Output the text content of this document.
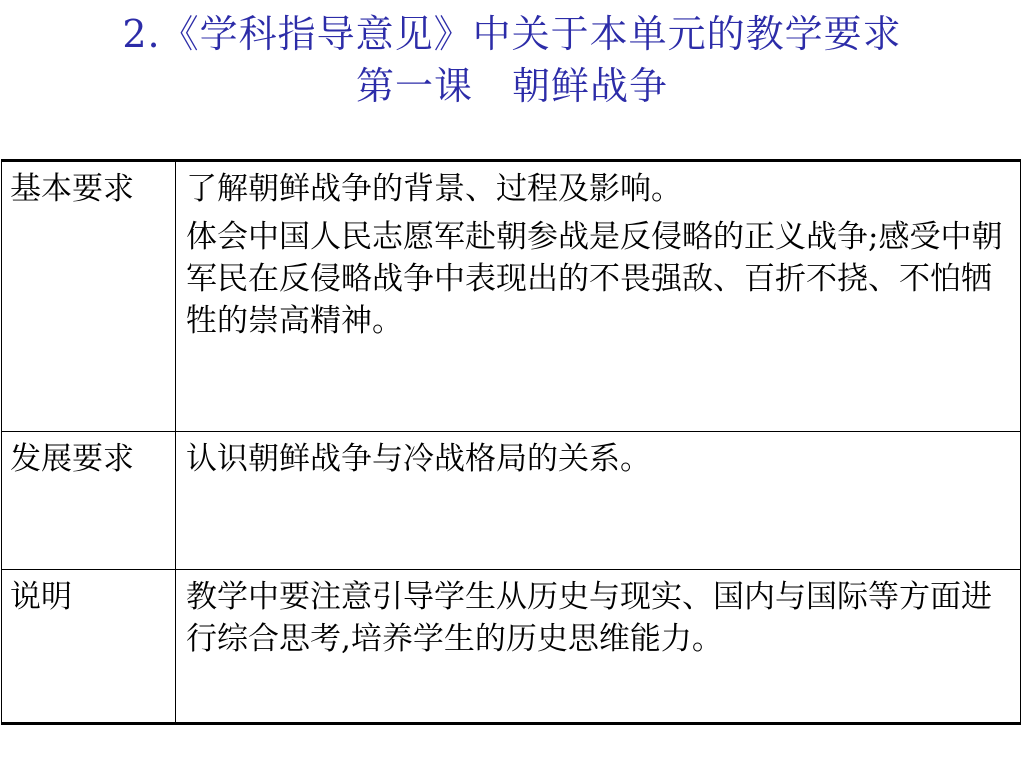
2.《学科指导意见》中关于本单元的教学要求
第一课　朝鲜战争
基本要求	了解朝鲜战争的背景、过程及影响。

体会中国人民志愿军赴朝参战是反侵略的正义战争;感受中朝军民在反侵略战争中表现出的不畏强敌、百折不挠、不怕牺牲的崇高精神。

发展要求	认识朝鲜战争与冷战格局的关系。

说明	教学中要注意引导学生从历史与现实、国内与国际等方面进行综合思考,培养学生的历史思维能力。
